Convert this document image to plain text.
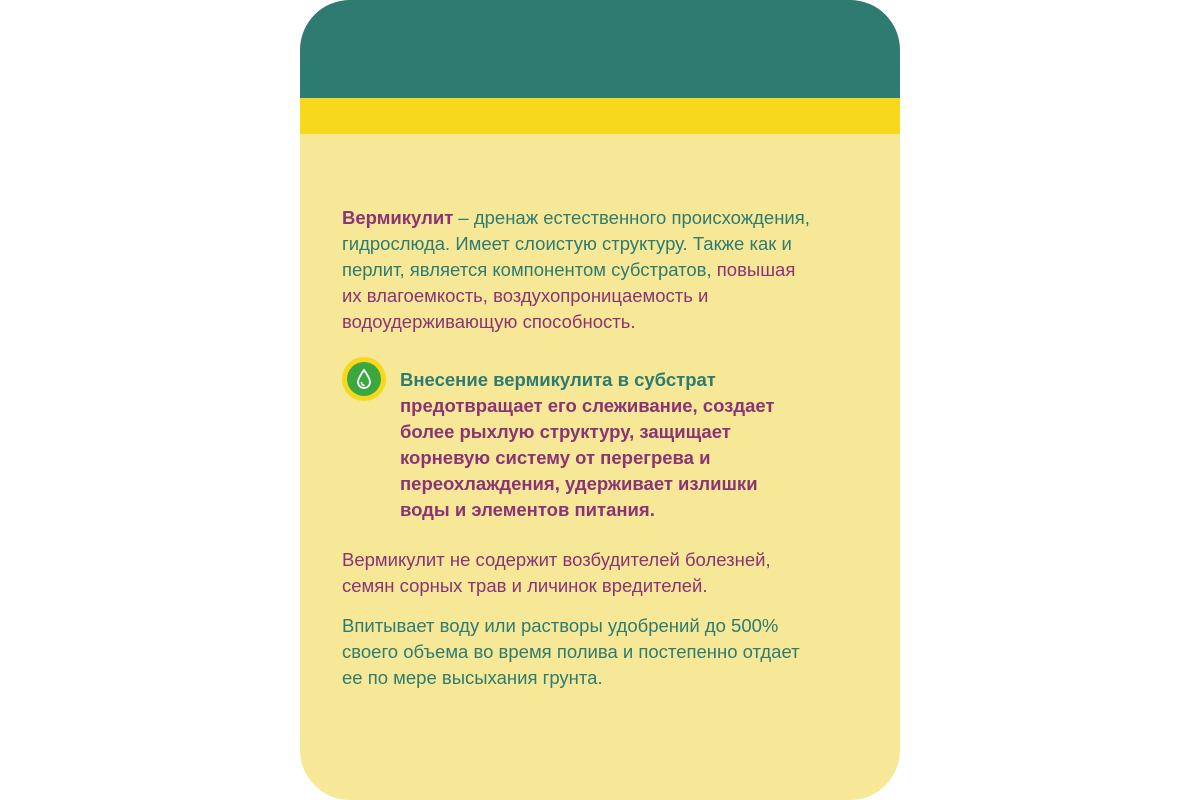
Вермикулит – дренаж естественного происхождения,
гидрослюда. Имеет слоистую структуру. Также как и
перлит, является компонентом субстратов, повышая
их влагоемкость, воздухопроницаемость и
водоудерживающую способность.
Внесение вермикулита в субстрат
предотвращает его слеживание, создает
более рыхлую структуру, защищает
корневую систему от перегрева и
переохлаждения, удерживает излишки
воды и элементов питания.
Вермикулит не содержит возбудителей болезней,
семян сорных трав и личинок вредителей.
Впитывает воду или растворы удобрений до 500%
своего объема во время полива и постепенно отдает
ее по мере высыхания грунта.
